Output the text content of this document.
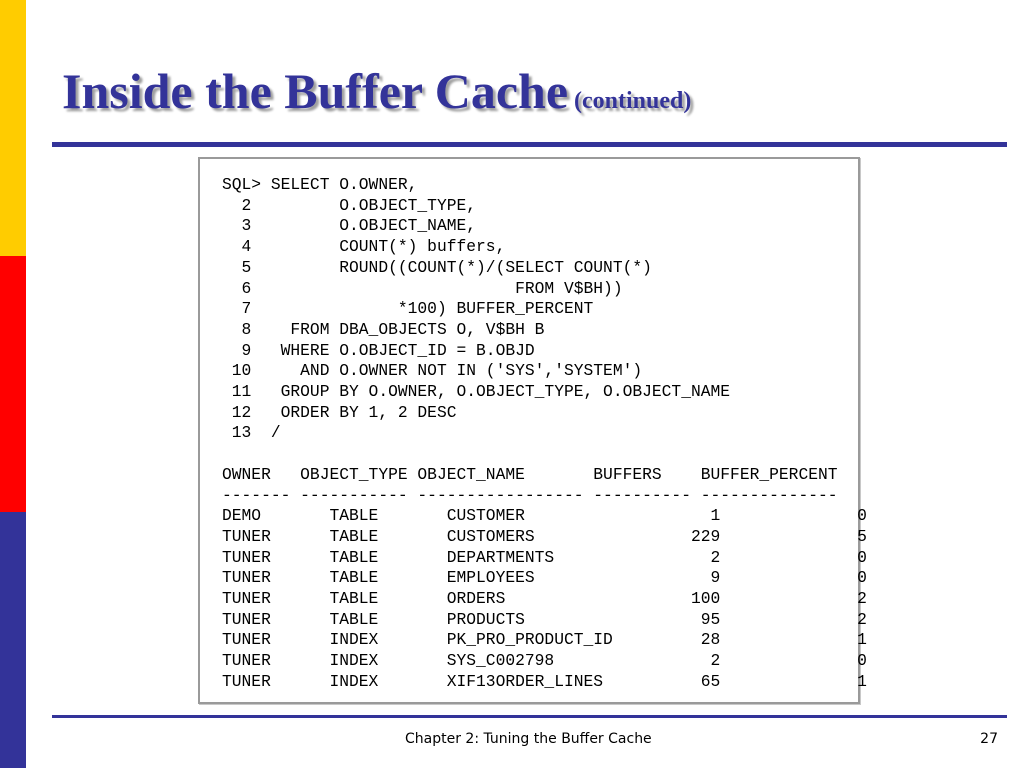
Inside the Buffer Cache (continued)
SQL> SELECT O.OWNER,
2         O.OBJECT_TYPE,
3         O.OBJECT_NAME,
4         COUNT(*) buffers,
5         ROUND((COUNT(*)/(SELECT COUNT(*)
6                           FROM V$BH))
7               *100) BUFFER_PERCENT
8    FROM DBA_OBJECTS O, V$BH B
9   WHERE O.OBJECT_ID = B.OBJD
10     AND O.OWNER NOT IN ('SYS','SYSTEM')
11   GROUP BY O.OWNER, O.OBJECT_TYPE, O.OBJECT_NAME
12   ORDER BY 1, 2 DESC
13  /

OWNER   OBJECT_TYPE OBJECT_NAME       BUFFERS    BUFFER_PERCENT
------- ----------- ----------------- ---------- --------------
DEMO       TABLE       CUSTOMER                   1              0
TUNER      TABLE       CUSTOMERS                229              5
TUNER      TABLE       DEPARTMENTS                2              0
TUNER      TABLE       EMPLOYEES                  9              0
TUNER      TABLE       ORDERS                   100              2
TUNER      TABLE       PRODUCTS                  95              2
TUNER      INDEX       PK_PRO_PRODUCT_ID         28              1
TUNER      INDEX       SYS_C002798                2              0
TUNER      INDEX       XIF13ORDER_LINES          65              1
Chapter 2: Tuning the Buffer Cache	27
